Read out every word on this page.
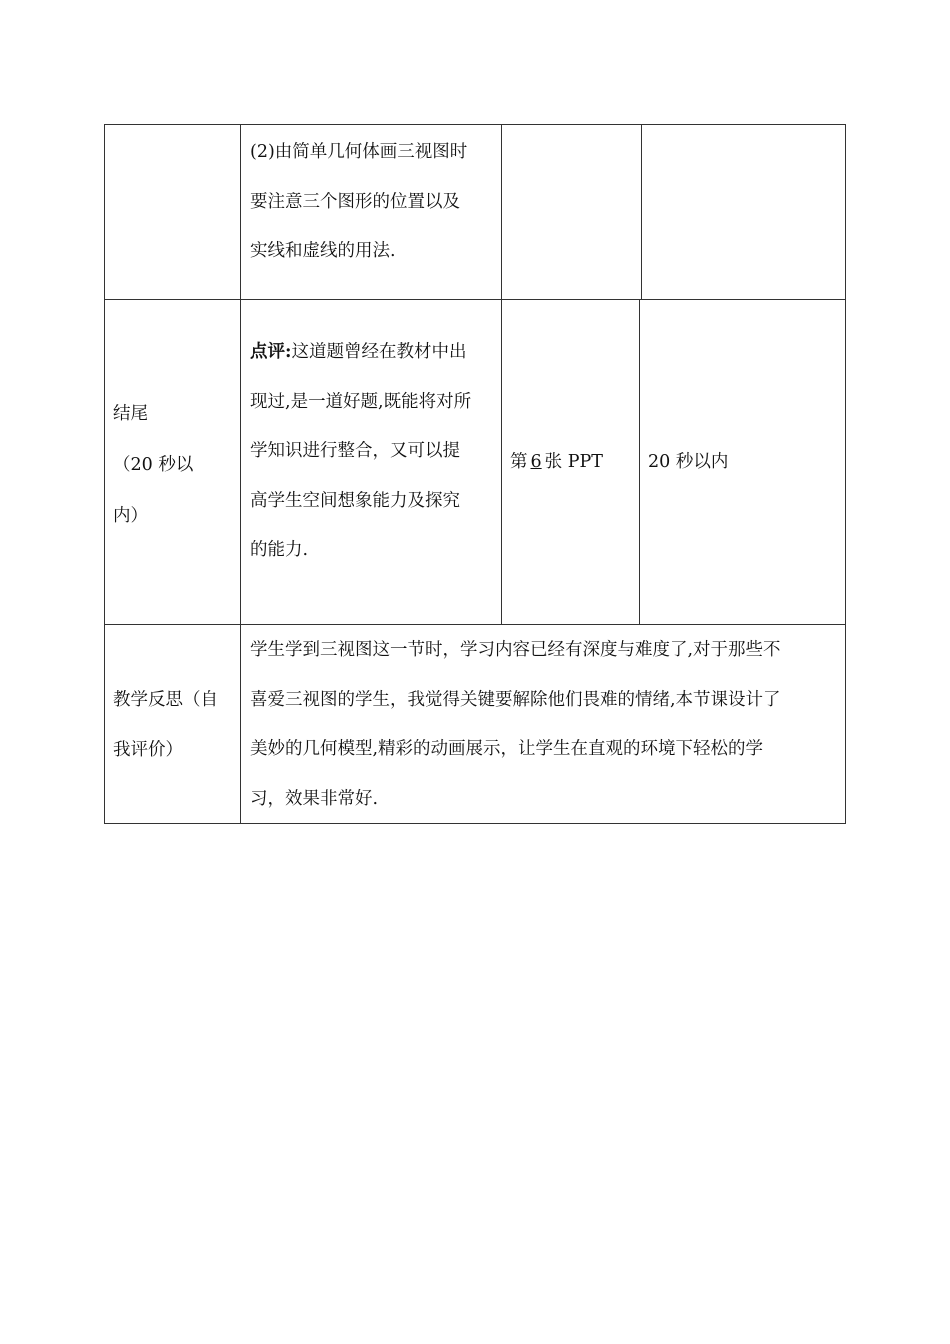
(2)由简单几何体画三视图时
要注意三个图形的位置以及
实线和虚线的用法.
结尾
（20 秒以
内）
点评:这道题曾经在教材中出
现过,是一道好题,既能将对所
学知识进行整合，又可以提
高学生空间想象能力及探究
的能力.
第 6 张 PPT	20 秒以内
教学反思（自
我评价）
学生学到三视图这一节时，学习内容已经有深度与难度了,对于那些不
喜爱三视图的学生，我觉得关键要解除他们畏难的情绪,本节课设计了
美妙的几何模型,精彩的动画展示，让学生在直观的环境下轻松的学
习，效果非常好.
